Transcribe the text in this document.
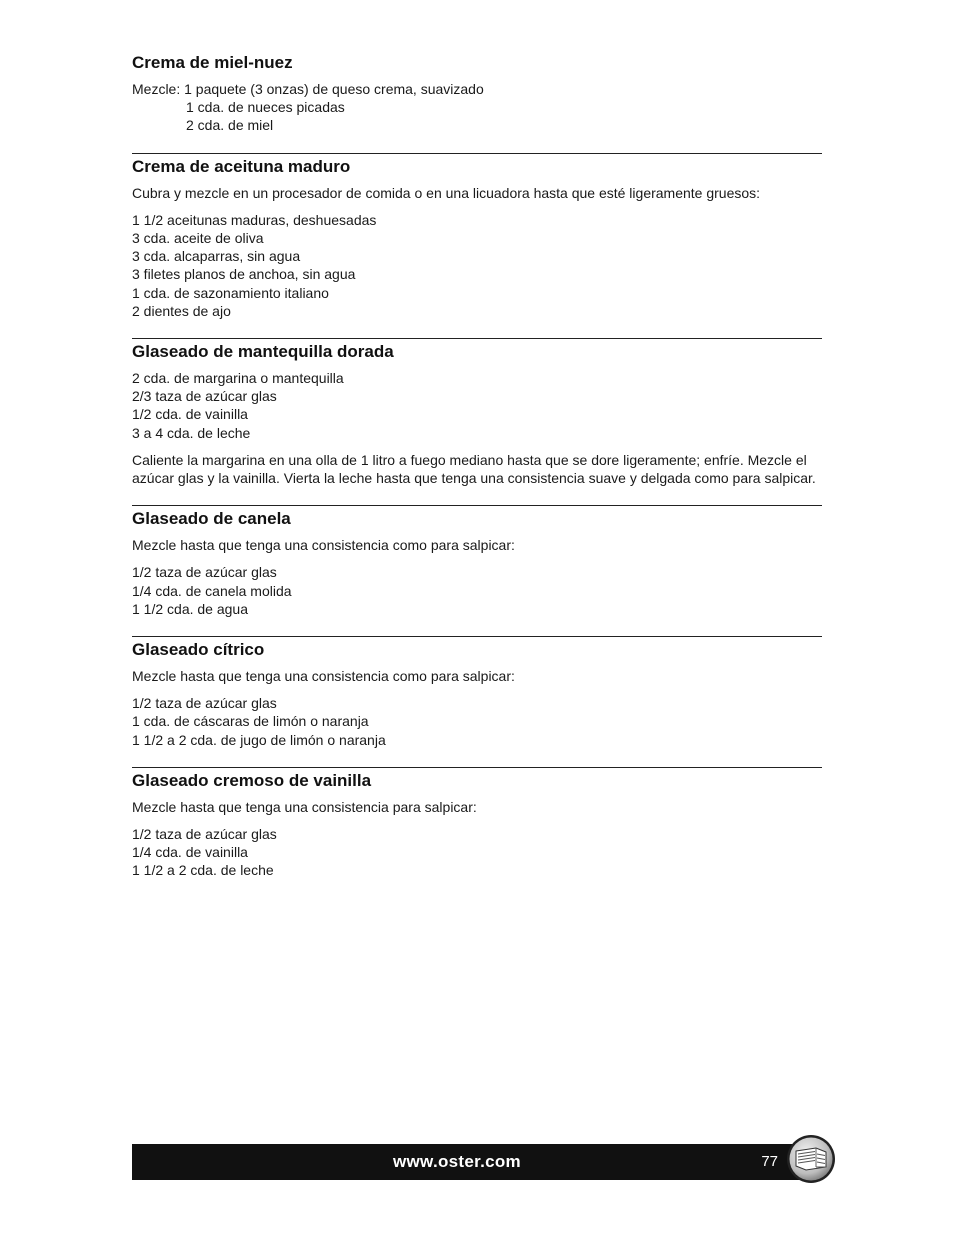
Crema de miel-nuez

Mezcle: 1 paquete (3 onzas) de queso crema, suavizado

1 cda. de nueces picadas

2 cda. de miel

Crema de aceituna maduro

Cubra y mezcle en un procesador de comida o en una licuadora hasta que esté ligeramente gruesos:

1 1/2 aceitunas maduras, deshuesadas

3 cda. aceite de oliva

3 cda. alcaparras, sin agua

3 filetes planos de anchoa, sin agua

1 cda. de sazonamiento italiano

2 dientes de ajo

Glaseado de mantequilla dorada

2 cda. de margarina o mantequilla

2/3 taza de azúcar glas

1/2 cda. de vainilla

3 a 4 cda. de leche

Caliente la margarina en una olla de 1 litro a fuego mediano hasta que se dore ligeramente; enfríe. Mezcle el azúcar glas y la vainilla. Vierta la leche hasta que tenga una consistencia suave y delgada como para salpicar.

Glaseado de canela

Mezcle hasta que tenga una consistencia como para salpicar:

1/2 taza de azúcar glas

1/4 cda. de canela molida

1 1/2 cda. de agua

Glaseado cítrico

Mezcle hasta que tenga una consistencia como para salpicar:

1/2 taza de azúcar glas

1 cda. de cáscaras de limón o naranja

1 1/2 a 2 cda. de jugo de limón o naranja

Glaseado cremoso de vainilla

Mezcle hasta que tenga una consistencia para salpicar:

1/2 taza de azúcar glas

1/4 cda. de vainilla

1 1/2 a 2 cda. de leche

www.oster.com	77
